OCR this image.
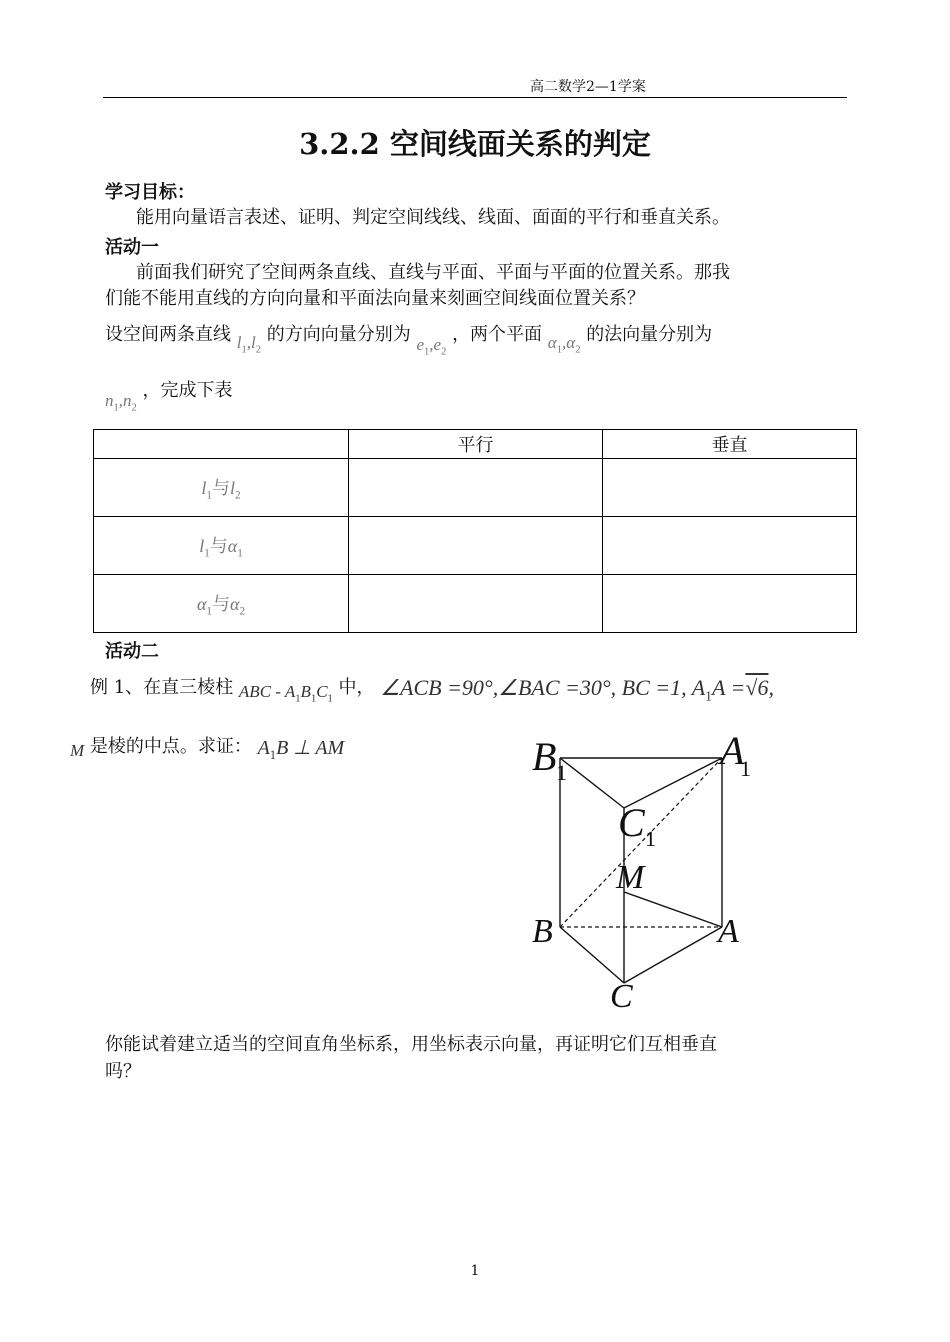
高二数学2—1学案
3.2.2 空间线面关系的判定
学习目标：
能用向量语言表述、证明、判定空间线线、线面、面面的平行和垂直关系。
活动一
前面我们研究了空间两条直线、直线与平面、平面与平面的位置关系。那我
们能不能用直线的方向向量和平面法向量来刻画空间线面位置关系？
设空间两条直线 $l_1,l_2$ 的方向向量分别为 $e_1,e_2$ ，两个平面 $\alpha_1,\alpha_2$ 的法向量分别为
$n_1,n_2$ ，完成下表
	平行	垂直
$l_1$与$l_2$		
$l_1$与$\alpha_1$		
$\alpha_1$与$\alpha_2$		
活动二
例 1、在直三棱柱 ABC - $A_1B_1C_1$ 中， ∠ACB =90°,∠BAC =30°, BC =1, $A_1A =√6$,
M 是棱的中点。求证： $A_1B$ ⊥ AM	B 1	A
1
C 1
M
B	A
C
你能试着建立适当的空间直角坐标系，用坐标表示向量，再证明它们互相垂直
吗？
1
